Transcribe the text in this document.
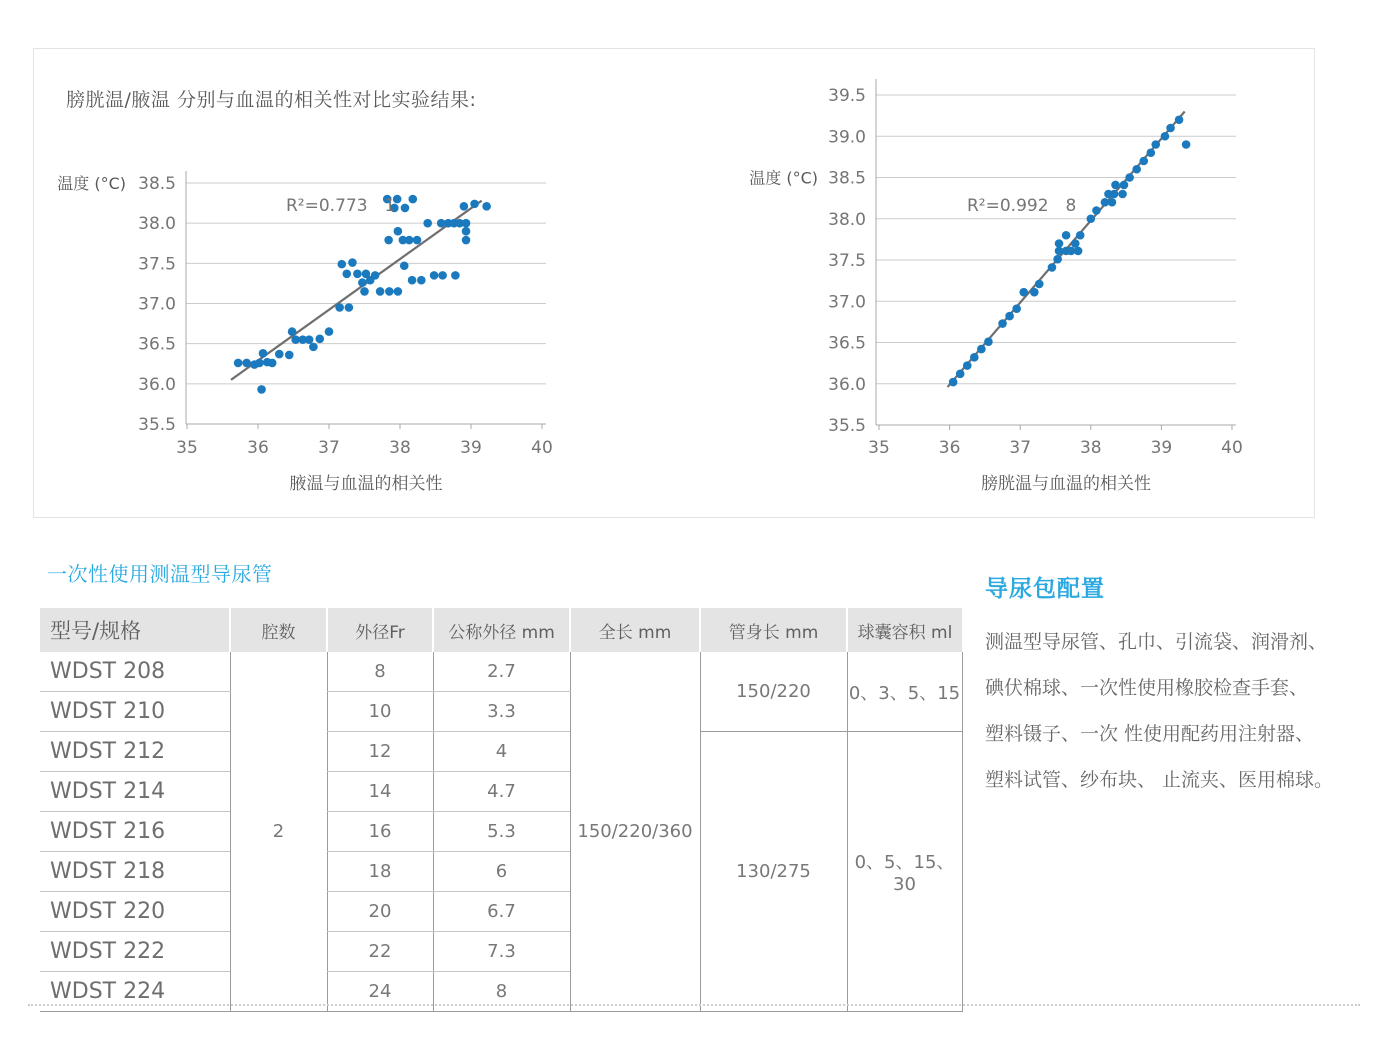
膀胱温/腋温 分别与血温的相关性对比实验结果:
38.5
38.0
37.5
37.0
36.5
36.0
35.5
35	36	37	38	39	40
R²=0.773　1
温度 (°C)
腋温与血温的相关性
39.5
39.0
38.5
38.0
37.5
37.0
36.5
36.0
35.5
35	36	37	38	39	40
R²=0.992　8
温度 (°C)
膀胱温与血温的相关性
一次性使用测温型导尿管
型号/规格	腔数	外径Fr	公称外径 mm	全长 mm	管身长 mm	球囊容积 ml
WDST 208	2	8	2.7	150/220/360	150/220	0、3、5、15
WDST 210		10	3.3			
WDST 212		12	4		130/275	0、5、15、30
WDST 214		14	4.7			
WDST 216		16	5.3			
WDST 218		18	6			
WDST 220		20	6.7			
WDST 222		22	7.3			
WDST 224		24	8			
导尿包配置
测温型导尿管、孔巾、引流袋、润滑剂、
碘伏棉球、一次性使用橡胶检查手套、
塑料镊子、一次 性使用配药用注射器、
塑料试管、纱布块、 止流夹、医用棉球。
